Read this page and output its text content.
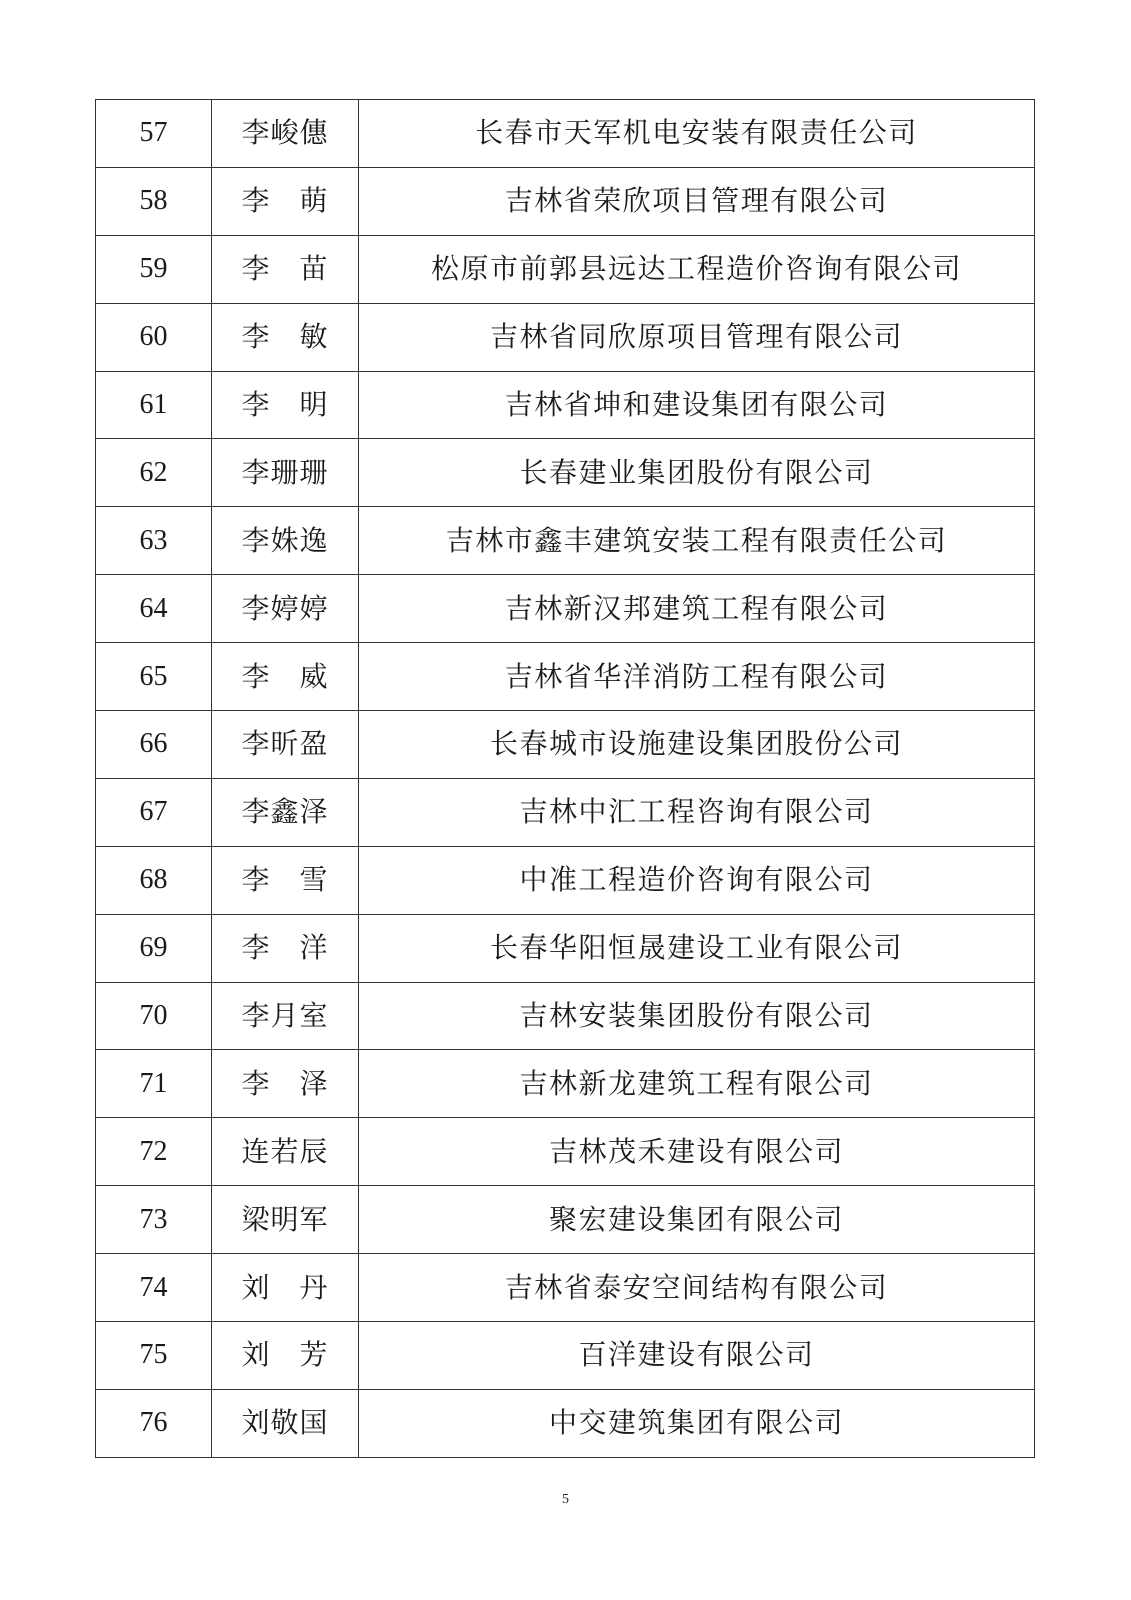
57	李峻僡	长春市天军机电安装有限责任公司
58	李　萌	吉林省荣欣项目管理有限公司
59	李　苗	松原市前郭县远达工程造价咨询有限公司
60	李　敏	吉林省同欣原项目管理有限公司
61	李　明	吉林省坤和建设集团有限公司
62	李珊珊	长春建业集团股份有限公司
63	李姝逸	吉林市鑫丰建筑安装工程有限责任公司
64	李婷婷	吉林新汉邦建筑工程有限公司
65	李　威	吉林省华洋消防工程有限公司
66	李昕盈	长春城市设施建设集团股份公司
67	李鑫泽	吉林中汇工程咨询有限公司
68	李　雪	中准工程造价咨询有限公司
69	李　洋	长春华阳恒晟建设工业有限公司
70	李月室	吉林安装集团股份有限公司
71	李　泽	吉林新龙建筑工程有限公司
72	连若辰	吉林茂禾建设有限公司
73	梁明军	聚宏建设集团有限公司
74	刘　丹	吉林省泰安空间结构有限公司
75	刘　芳	百洋建设有限公司
76	刘敬国	中交建筑集团有限公司
5
